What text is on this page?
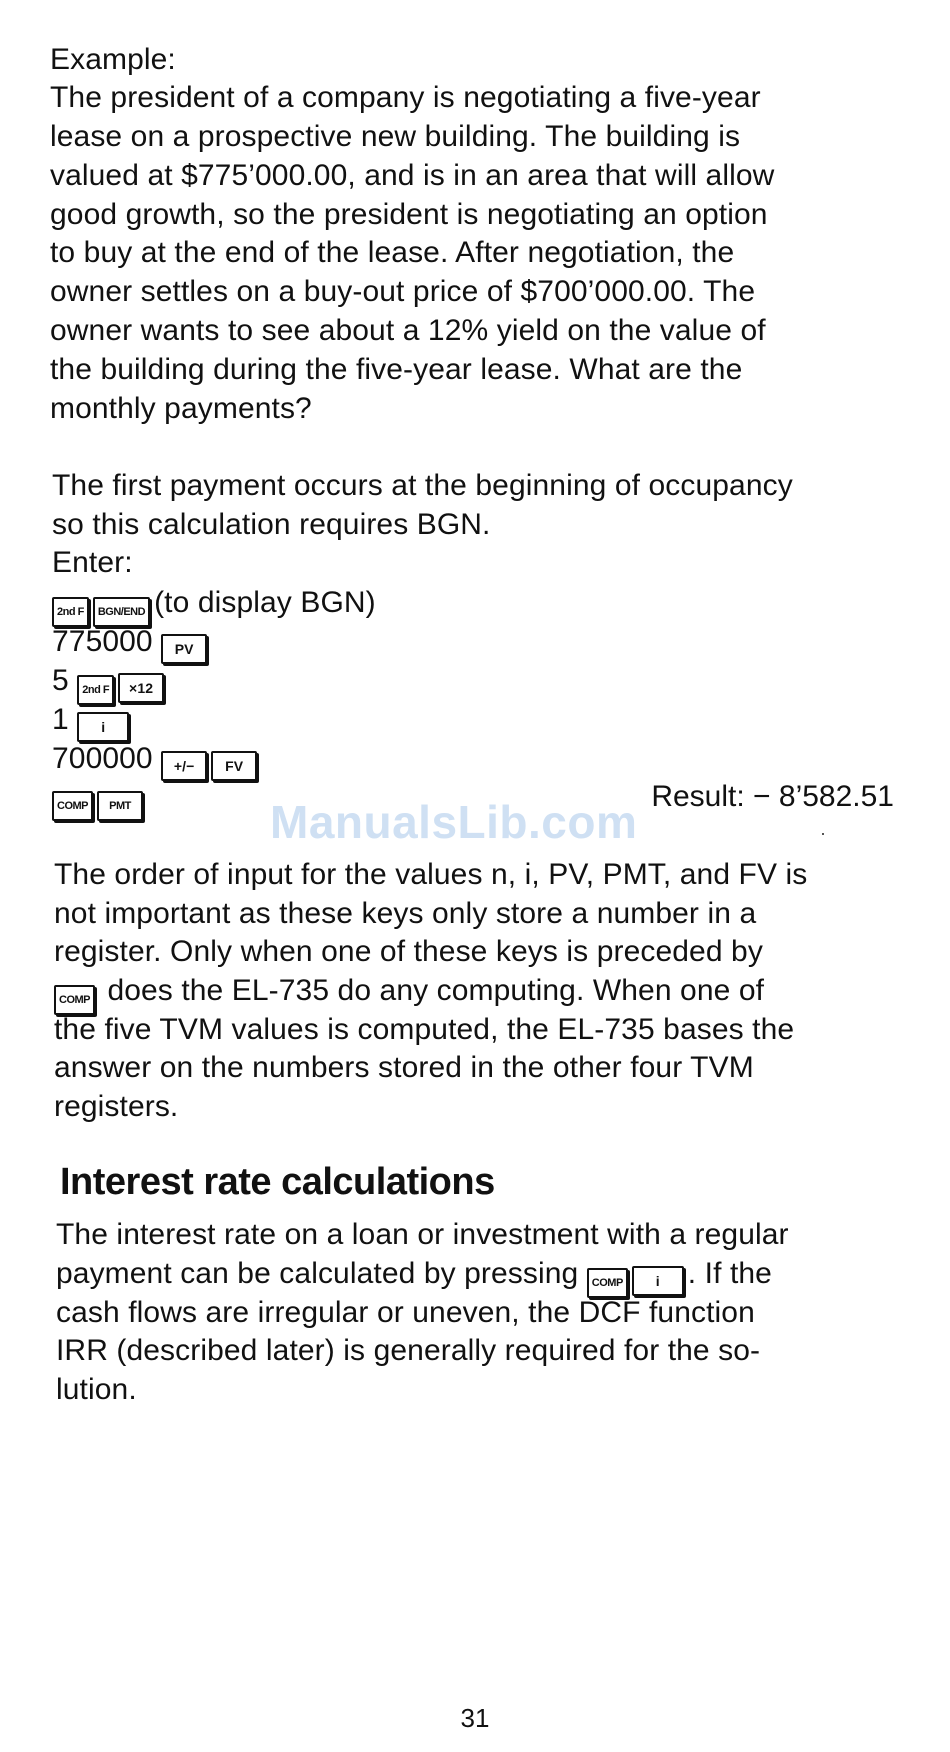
Example:
The president of a company is negotiating a five-year
lease on a prospective new building. The building is
valued at $775’000.00, and is in an area that will allow
good growth, so the president is negotiating an option
to buy at the end of the lease. After negotiation, the
owner settles on a buy-out price of $700’000.00. The
owner wants to see about a 12% yield on the value of
the building during the five-year lease. What are the
monthly payments?
The first payment occurs at the beginning of occupancy
so this calculation requires BGN.
Enter:
2nd F BGN/END (to display BGN)
775000 PV
5 2nd F ×12
1 i
700000 +/− FV
COMP PMT	Result: − 8’582.51
The order of input for the values n, i, PV, PMT, and FV is
not important as these keys only store a number in a
register. Only when one of these keys is preceded by
COMP does the EL-735 do any computing. When one of
the five TVM values is computed, the EL-735 bases the
answer on the numbers stored in the other four TVM
registers.
Interest rate calculations
The interest rate on a loan or investment with a regular
payment can be calculated by pressing COMP i . If the
cash flows are irregular or uneven, the DCF function
IRR (described later) is generally required for the so-
lution.
ManualsLib.com
31
